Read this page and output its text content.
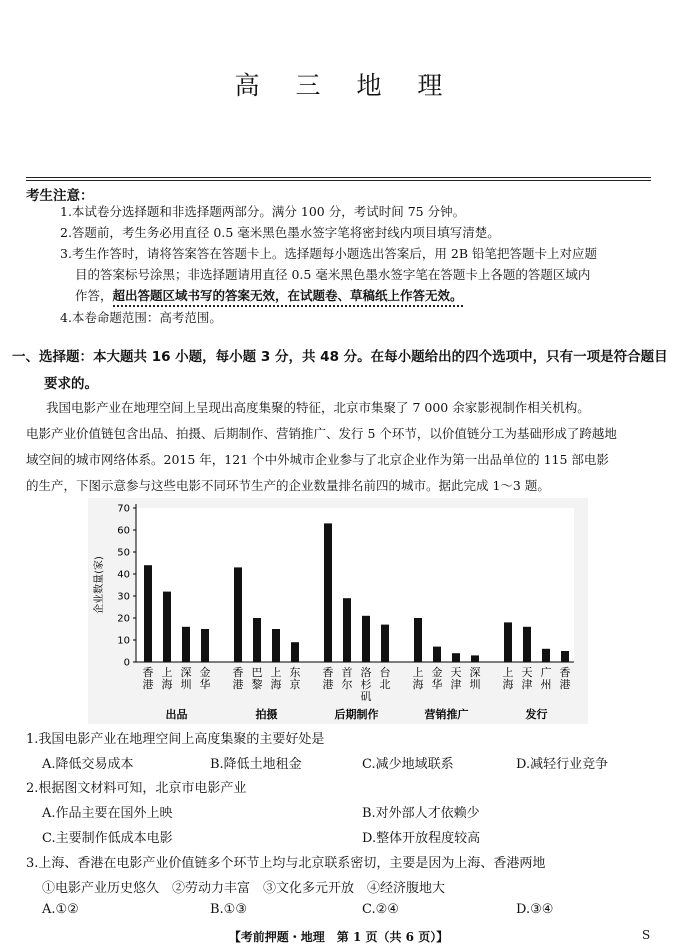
高 三 地 理
考生注意：
1.本试卷分选择题和非选择题两部分。满分 100 分，考试时间 75 分钟。
2.答题前，考生务必用直径 0.5 毫米黑色墨水签字笔将密封线内项目填写清楚。
3.考生作答时，请将答案答在答题卡上。选择题每小题选出答案后，用 2B 铅笔把答题卡上对应题
目的答案标号涂黑；非选择题请用直径 0.5 毫米黑色墨水签字笔在答题卡上各题的答题区域内
作答，超出答题区域书写的答案无效，在试题卷、草稿纸上作答无效。
4.本卷命题范围：高考范围。
一、选择题：本大题共 16 小题，每小题 3 分，共 48 分。在每小题给出的四个选项中，只有一项是符合题目
要求的。
我国电影产业在地理空间上呈现出高度集聚的特征，北京市集聚了 7 000 余家影视制作相关机构。
电影产业价值链包含出品、拍摄、后期制作、营销推广、发行 5 个环节，以价值链分工为基础形成了跨越地
域空间的城市网络体系。2015 年，121 个中外城市企业参与了北京企业作为第一出品单位的 115 部电影
的生产，下图示意参与这些电影不同环节生产的企业数量排名前四的城市。据此完成 1～3 题。
0
10
20
30
40
50
60
70
企业数量(家)
香港
上海
深圳
金华
出品
香港
巴黎
上海
东京
拍摄
香港
首尔
洛杉矶
台北
后期制作
上海
金华
天津
深圳
营销推广
上海
天津
广州
香港
发行
1.我国电影产业在地理空间上高度集聚的主要好处是
A.降低交易成本	B.降低土地租金	C.减少地域联系	D.减轻行业竞争
2.根据图文材料可知，北京市电影产业
A.作品主要在国外上映	B.对外部人才依赖少
C.主要制作低成本电影	D.整体开放程度较高
3.上海、香港在电影产业价值链多个环节上均与北京联系密切，主要是因为上海、香港两地
①电影产业历史悠久　②劳动力丰富　③文化多元开放　④经济腹地大
A.①②	B.①③	C.②④	D.③④
【考前押题・地理　第 1 页（共 6 页）】	S
